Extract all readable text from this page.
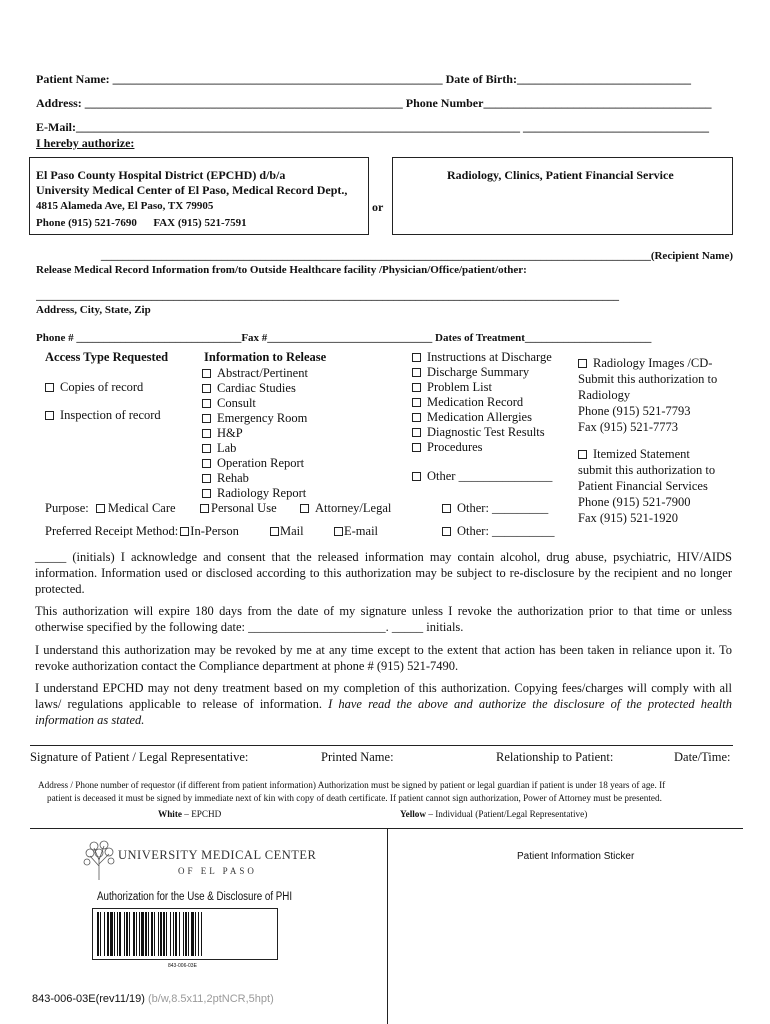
Patient Name: _______________________________________________________ Date of Birth:_____________________________
Address: _____________________________________________________ Phone Number______________________________________
E-Mail:__________________________________________________________________________ _______________________________
I hereby authorize:
El Paso County Hospital District (EPCHD) d/b/a
University Medical Center of El Paso, Medical Record Dept.,
4815 Alameda Ave, El Paso, TX 79905
Phone (915) 521-7690      FAX (915) 521-7591
or
Radiology, Clinics, Patient Financial Service
____________________________________________________________________________________________________(Recipient Name)
Release Medical Record Information from/to Outside Healthcare facility /Physician/Office/patient/other:
__________________________________________________________________________________________________________
Address, City, State, Zip
Phone # ______________________________Fax #______________________________ Dates of Treatment_______________________
Access Type Requested
Copies of record
Inspection of record
Information to Release
Abstract/Pertinent
Cardiac Studies
Consult
Emergency Room
H&P
Lab
Operation Report
Rehab
Radiology Report
Instructions at Discharge
Discharge Summary
Problem List
Medication Record
Medication Allergies
Diagnostic Test Results
Procedures
Other _______________
Radiology Images /CD-
Submit this authorization to
Radiology
Phone (915) 521-7793
Fax (915) 521-7773
Itemized Statement
submit this authorization to
Patient Financial Services
Phone (915) 521-7900
Fax (915) 521-1920
Purpose: Medical Care	Personal Use	Attorney/Legal	Other: _________
Preferred Receipt Method: In-Person	Mail	E-mail	Other: __________
_____ (initials) I acknowledge and consent that the released information may contain alcohol, drug abuse, psychiatric, HIV/AIDS information. Information used or disclosed according to this authorization may be subject to re-disclosure by the recipient and no longer protected.
This authorization will expire 180 days from the date of my signature unless I revoke the authorization prior to that time or unless otherwise specified by the following date: ______________________. _____ initials.
I understand this authorization may be revoked by me at any time except to the extent that action has been taken in reliance upon it. To revoke authorization contact the Compliance department at phone # (915) 521-7490.
I understand EPCHD may not deny treatment based on my completion of this authorization. Copying fees/charges will comply with all laws/ regulations applicable to release of information. I have read the above and authorize the disclosure of the protected health information as stated.
Signature of Patient / Legal Representative:	Printed Name:	Relationship to Patient:	Date/Time:
Address / Phone number of requestor (if different from patient information) Authorization must be signed by patient or legal guardian if patient is under 18 years of age. If
patient is deceased it must be signed by immediate next of kin with copy of death certificate. If patient cannot sign authorization, Power of Attorney must be presented.
White – EPCHD	Yellow – Individual (Patient/Legal Representative)
UNIVERSITY MEDICAL CENTER
OF EL PASO
Authorization for the Use & Disclosure of PHI
843-006-03E
Patient Information Sticker
843-006-03E(rev11/19) (b/w,8.5x11,2ptNCR,5hpt)
